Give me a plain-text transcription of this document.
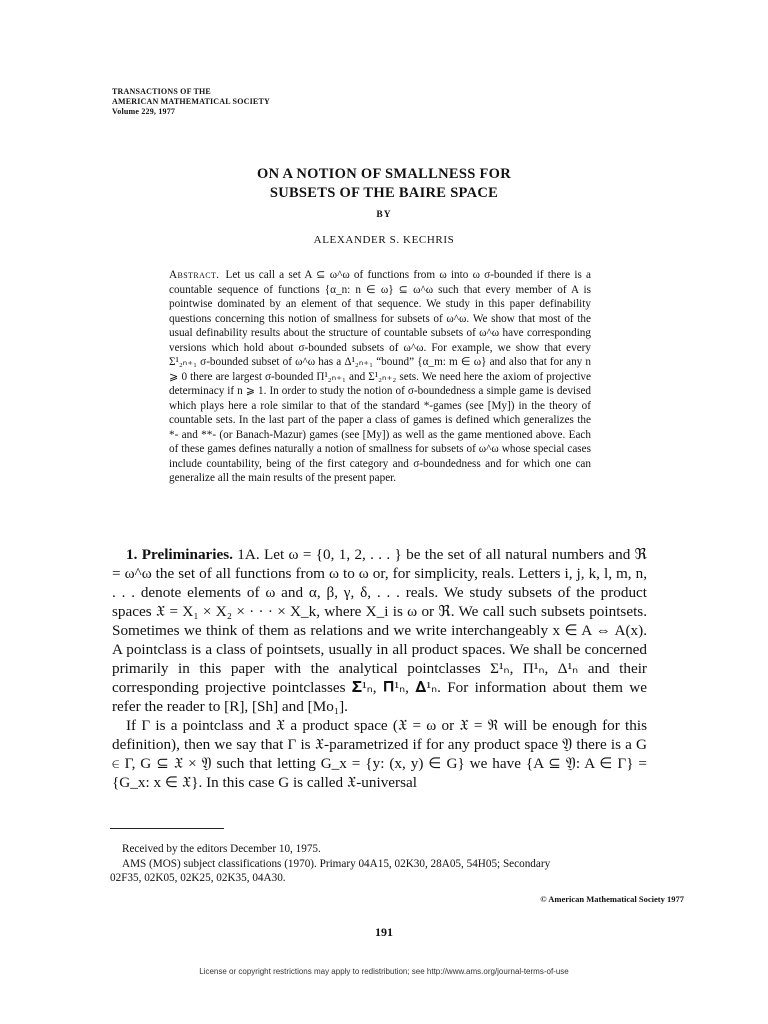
TRANSACTIONS OF THE
AMERICAN MATHEMATICAL SOCIETY
Volume 229, 1977
ON A NOTION OF SMALLNESS FOR
SUBSETS OF THE BAIRE SPACE
BY
ALEXANDER S. KECHRIS
Abstract. Let us call a set A ⊆ ω^ω of functions from ω into ω σ-bounded if there is a countable sequence of functions {α_n: n ∈ ω} ⊆ ω^ω such that every member of A is pointwise dominated by an element of that sequence. We study in this paper definability questions concerning this notion of smallness for subsets of ω^ω. We show that most of the usual definability results about the structure of countable subsets of ω^ω have corresponding versions which hold about σ-bounded subsets of ω^ω. For example, we show that every Σ¹₂ₙ₊₁ σ-bounded subset of ω^ω has a Δ¹₂ₙ₊₁ “bound” {α_m: m ∈ ω} and also that for any n ⩾ 0 there are largest σ-bounded Π¹₂ₙ₊₁ and Σ¹₂ₙ₊₂ sets. We need here the axiom of projective determinacy if n ⩾ 1. In order to study the notion of σ-boundedness a simple game is devised which plays here a role similar to that of the standard *-games (see [My]) in the theory of countable sets. In the last part of the paper a class of games is defined which generalizes the *- and **- (or Banach-Mazur) games (see [My]) as well as the game mentioned above. Each of these games defines naturally a notion of smallness for subsets of ω^ω whose special cases include countability, being of the first category and σ-boundedness and for which one can generalize all the main results of the present paper.

1. Preliminaries. 1A. Let ω = {0, 1, 2, . . . } be the set of all natural numbers and ℜ = ω^ω the set of all functions from ω to ω or, for simplicity, reals. Letters i, j, k, l, m, n, . . . denote elements of ω and α, β, γ, δ, . . . reals. We study subsets of the product spaces 𝔛 = X₁ × X₂ × · · · × X_k, where X_i is ω or ℜ. We call such subsets pointsets. Sometimes we think of them as relations and we write interchangeably x ∈ A ⇔ A(x). A pointclass is a class of pointsets, usually in all product spaces. We shall be concerned primarily in this paper with the analytical pointclasses Σ¹ₙ, Π¹ₙ, Δ¹ₙ and their corresponding projective pointclasses 𝚺¹ₙ, 𝚷¹ₙ, 𝚫¹ₙ. For information about them we refer the reader to [R], [Sh] and [Mo₁].

If Γ is a pointclass and 𝔛 a product space (𝔛 = ω or 𝔛 = ℜ will be enough for this definition), then we say that Γ is 𝔛-parametrized if for any product space 𝔜 there is a G ∈ Γ, G ⊆ 𝔛 × 𝔜 such that letting G_x = {y: (x, y) ∈ G} we have {A ⊆ 𝔜: A ∈ Γ} = {G_x: x ∈ 𝔛}. In this case G is called 𝔛-universal

Received by the editors December 10, 1975.
AMS (MOS) subject classifications (1970). Primary 04A15, 02K30, 28A05, 54H05; Secondary
02F35, 02K05, 02K25, 02K35, 04A30.
© American Mathematical Society 1977
191
License or copyright restrictions may apply to redistribution; see http://www.ams.org/journal-terms-of-use
